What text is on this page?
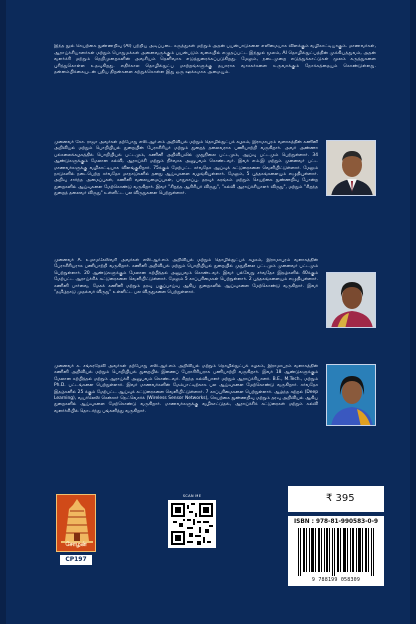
இந்த நூல் செயற்கை நுண்ணறிவு (AI) பற்றிய அடிப்படை கருத்துகள் மற்றும் அதன் பயன்பாடுகளை எளிமையாக விளக்கும் வழிகாட்டியாகும். மாணவர்கள், ஆராய்ச்சியாளர்கள் மற்றும் பொதுமக்கள் அனைவருக்கும் பயன்படும் வகையில் எழுதப்பட்ட இந்நூல் மூலம், AI தொழில்நுட்பத்தின் முக்கியத்துவம், அதன் வளர்ச்சி மற்றும் நெறிமுறைகளின் அவசியம் தெளிவாக எடுத்துரைக்கப்படுகிறது. மேலும், நடைமுறை எடுத்துக்காட்டுகள் மூலம் கருத்துகளை புரிந்துகொள்ள உதவுகிறது. எதிர்கால தொழில்நுட்ப மாற்றங்களுக்கு தயாராக வாசகர்களை உருவாக்கும் நோக்கத்தையும் கொண்டுள்ளது. தன்னம்பிக்கையுடன் புதிய திறன்களை கற்றுக்கொள்ள இது ஒரு ஊக்கமாக அமையும்.
முனைவர் கோ. ராஜா அவர்கள் தற்போது எஸ்.ஆர்.எம் அறிவியல் மற்றும் தொழில்நுட்பக் கழகம், இராமாபுரம் வளாகத்தின் கணினி அறிவியல் மற்றும் பொறியியல் துறையின் பேராசிரியர் மற்றும் துறைத் தலைவராக பணியாற்றி வருகிறார். அவர் அண்ணா பல்கலைக்கழகத்தில் பொறியியல் பட்டமும், கணினி அறிவியலில் முதுநிலை பட்டமும், ஆய்வு பட்டமும் பெற்றுள்ளார். 34 ஆண்டுகளுக்கும் மேலான கல்வி, ஆராய்ச்சி மற்றும் நிர்வாக அனுபவம் கொண்டவர். இவர் எம்.இ மற்றும் முனைவர் பட்ட மாணவர்களுக்கு வழிகாட்டியாக விளங்குகிறார். 75க்கும் மேற்பட்ட சர்வதேச ஆய்வுக் கட்டுரைகளை வெளியிட்டுள்ளார். மேலும் நாடுகளில் நடைபெற்ற சர்வதேச மாநாடுகளில் தனது ஆய்வுகளை வழங்கியுள்ளார். மேலும், 5 புத்தகங்களையும் எழுதியுள்ளார். அறிவு சார்ந்த அமைப்புகள், கணினி வலையமைப்புகள், பாதுகாப்பு, தரவுச் சுரங்கம் மற்றும் செயற்கை நுண்ணறிவு போன்ற துறைகளில் ஆய்வுகளை மேற்கொண்டு வருகிறார். இவர் "சிறந்த ஆசிரியர் விருது", "கல்வி ஆராய்ச்சியாளர் விருது", மற்றும் "சிறந்த துறைத் தலைவர் விருது" உள்ளிட்ட பல விருதுகளை பெற்றுள்ளார்.
முனைவர் A. உமாமகேஸ்வரி அவர்கள் எஸ்.ஆர்.எம் அறிவியல் மற்றும் தொழில்நுட்பக் கழகம், இராமாபுரம் வளாகத்தின் பேராசிரியராக பணியாற்றி வருகிறார். கணினி அறிவியல் மற்றும் பொறியியல் துறையில் முதுநிலை பட்டமும் முனைவர் பட்டமும் பெற்றுள்ளார். 20 ஆண்டுகளுக்கும் மேலான கற்பித்தல் அனுபவம் கொண்டவர். இவர் பல்வேறு சர்வதேச இதழ்களில் 40க்கும் மேற்பட்ட ஆராய்ச்சிக் கட்டுரைகளை வெளியிட்டுள்ளார். மேலும் 5 காப்புரிமைகள் பெற்றுள்ளார். 2 புத்தகங்களையும் எழுதியுள்ளார். கணினி பார்வை, மேகக் கணினி மற்றும் தரவு பகுப்பாய்வு ஆகிய துறைகளில் ஆய்வுகளை மேற்கொண்டு வருகிறார். இவர் "தமிழ்நாடு முதல்வர் விருது" உள்ளிட்ட பல விருதுகளை பெற்றுள்ளார்.
முனைவர் க. சங்கரதேவி அவர்கள் தற்போது எஸ்.ஆர்.எம் அறிவியல் மற்றும் தொழில்நுட்பக் கழகம், இராமாபுரம் வளாகத்தின் கணினி அறிவியல் மற்றும் பொறியியல் துறையில் இணைப் பேராசிரியராக பணியாற்றி வருகிறார். இவர் 18 ஆண்டுகளுக்கும் மேலான கற்பித்தல் மற்றும் ஆராய்ச்சி அனுபவம் கொண்டவர். சிறந்த கல்வியாளர் மற்றும் ஆராய்ச்சியாளர். B.E., M.Tech., மற்றும் Ph.D. பட்டங்களை பெற்றுள்ளார். இவர் மாணவர்களின் மேம்பாட்டிற்காக பல ஆய்வுகளை மேற்கொண்டு வருகிறார். சர்வதேச இதழ்களில் 25 க்கும் மேற்பட்ட ஆய்வுக் கட்டுரைகளை வெளியிட்டுள்ளார். 7 காப்புரிமைகளை பெற்றுள்ளார். ஆழ்ந்த கற்றல் (Deep Learning), வயர்லெஸ் சென்சார் நெட்வொர்க் (Wireless Sensor Networks), செயற்கை நுண்ணறிவு மற்றும் தரவு அறிவியல் ஆகிய துறைகளில் ஆய்வுகளை மேற்கொண்டு வருகிறார். மாணவர்களுக்கு வழிகாட்டுதல், ஆராய்ச்சிக் கட்டுரைகள் மற்றும் கல்வி வளர்ச்சியில் தொடர்ந்து பங்களித்து வருகிறார்.
சோழன்
CP197
SCAN ME	₹ 395
ISBN : 978-81-990583-0-9
9 788199 058309
